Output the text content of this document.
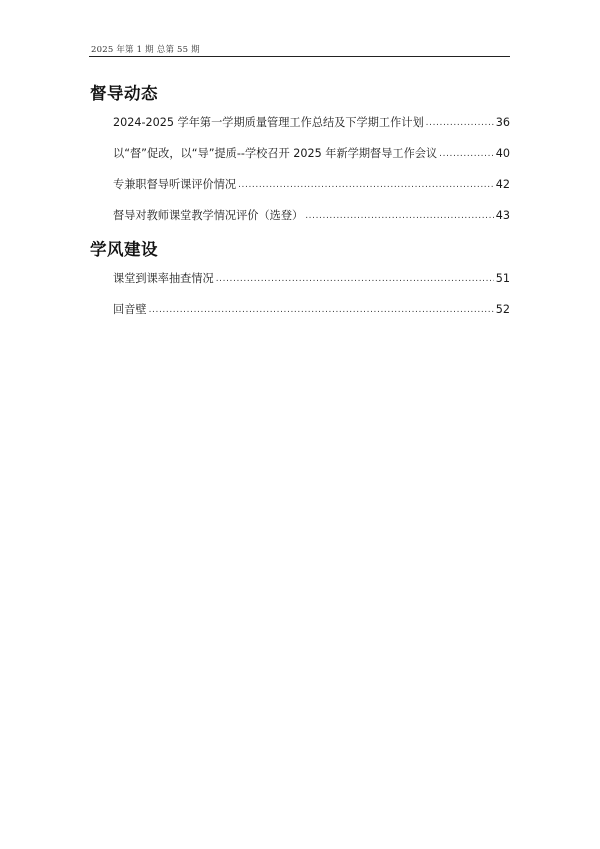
2025 年第 1 期 总第 55 期
督导动态
2024-2025 学年第一学期质量管理工作总结及下学期工作计划 .....	36
以“督”促改，以“导”提质--学校召开 2025 年新学期督导工作会议 .....	40
专兼职督导听课评价情况 .....	42
督导对教师课堂教学情况评价（选登） .....	43
学风建设
课堂到课率抽查情况 .....	51
回音壁 .....	52
